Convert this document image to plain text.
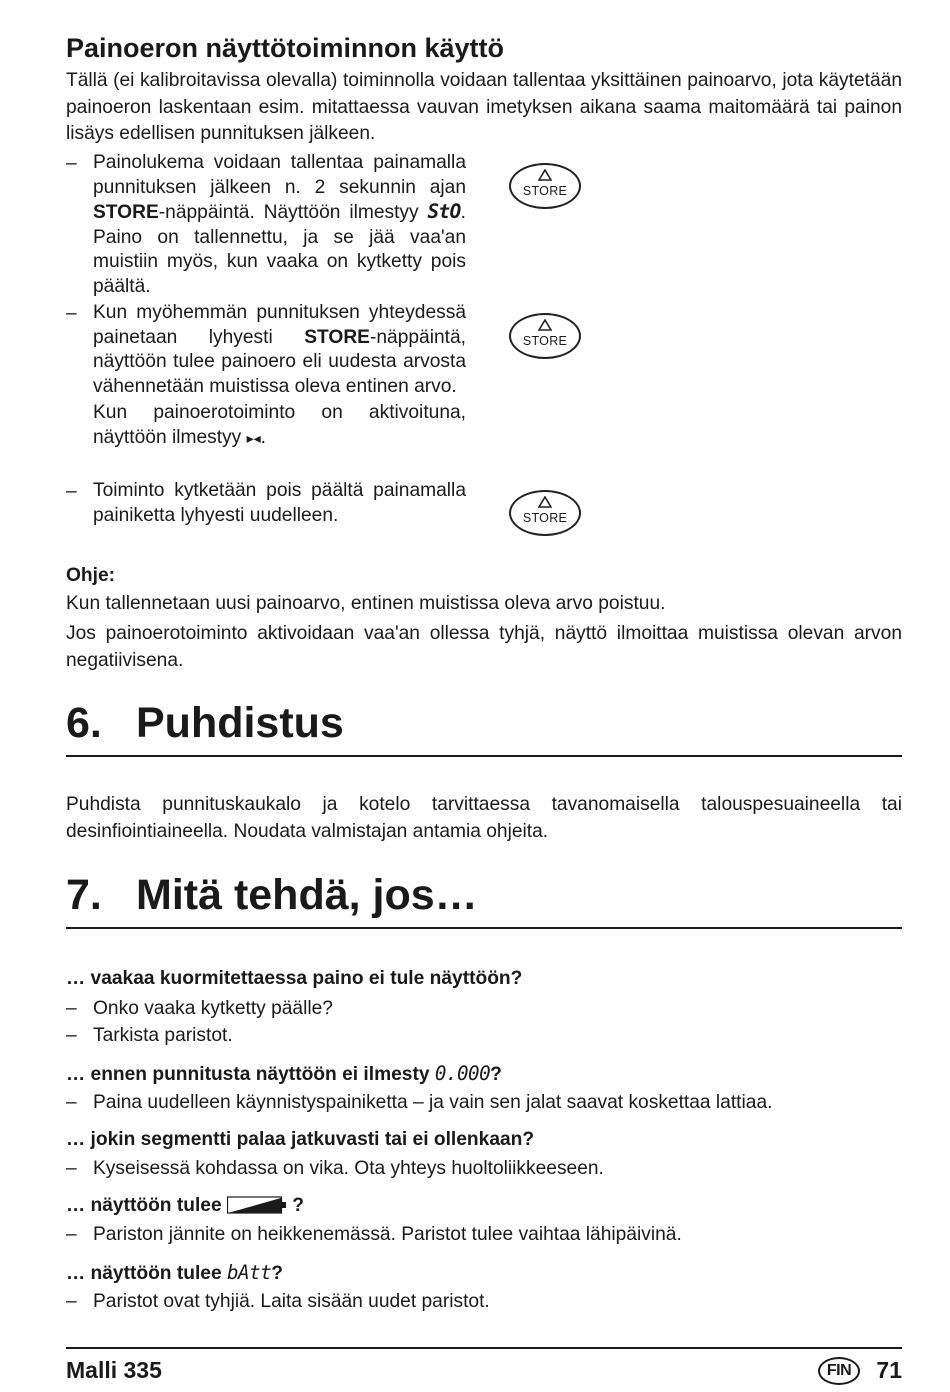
Painoeron näyttötoiminnon käyttö

Tällä (ei kalibroitavissa olevalla) toiminnolla voidaan tallentaa yksittäinen painoarvo, jota käytetään painoeron laskentaan esim. mitattaessa vauvan imetyksen aikana saama maitomäärä tai painon lisäys edellisen punnituksen jälkeen.

– Painolukema voidaan tallentaa painamalla punnituksen jälkeen n. 2 sekunnin ajan STORE-näppäintä. Näyttöön ilmestyy StO. Paino on tallennettu, ja se jää vaa'an muistiin myös, kun vaaka on kytketty pois päältä.

– Kun myöhemmän punnituksen yhteydessä painetaan lyhyesti STORE-näppäintä, näyttöön tulee painoero eli uudesta arvosta vähennetään muistissa oleva entinen arvo.

Kun painoerotoiminto on aktivoituna, näyttöön ilmestyy ▸◂.

– Toiminto kytketään pois päältä painamalla painiketta lyhyesti uudelleen.

STORE
STORE
STORE
Ohje:

Kun tallennetaan uusi painoarvo, entinen muistissa oleva arvo poistuu.

Jos painoerotoiminto aktivoidaan vaa'an ollessa tyhjä, näyttö ilmoittaa muistissa olevan arvon negatiivisena.

6. Puhdistus

Puhdista punnituskaukalo ja kotelo tarvittaessa tavanomaisella talouspesuaineella tai desinfiointiaineella. Noudata valmistajan antamia ohjeita.

7. Mitä tehdä, jos…
… vaakaa kuormitettaessa paino ei tule näyttöön?
– Onko vaaka kytketty päälle?
– Tarkista paristot.
… ennen punnitusta näyttöön ei ilmesty 0.000?
– Paina uudelleen käynnistyspainiketta – ja vain sen jalat saavat koskettaa lattiaa.
… jokin segmentti palaa jatkuvasti tai ei ollenkaan?
– Kyseisessä kohdassa on vika. Ota yhteys huoltoliikkeeseen.
… näyttöön tulee	?
– Pariston jännite on heikkenemässä. Paristot tulee vaihtaa lähipäivinä.
… näyttöön tulee bAtt?
– Paristot ovat tyhjiä. Laita sisään uudet paristot.
Malli 335	FIN	71
